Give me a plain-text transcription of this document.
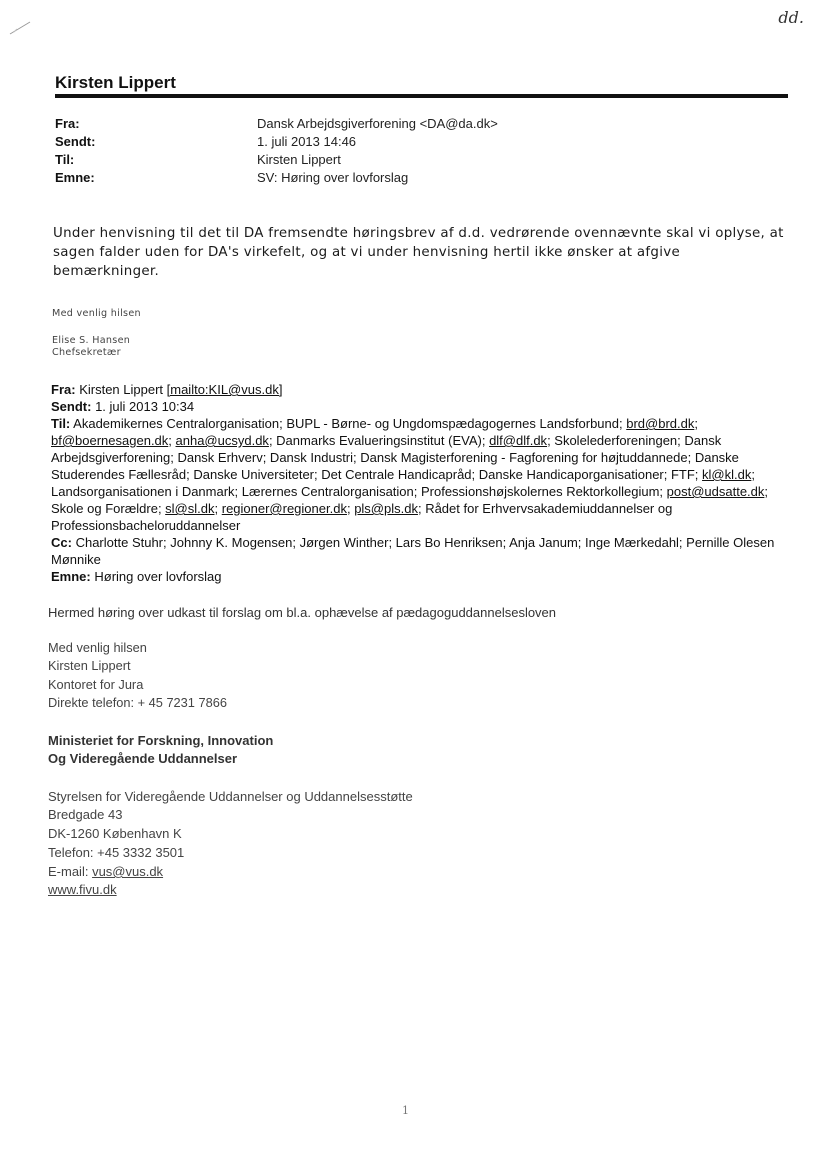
dd.
Kirsten Lippert
Fra:	Dansk Arbejdsgiverforening <DA@da.dk>
Sendt:	1. juli 2013 14:46
Til:	Kirsten Lippert
Emne:	SV: Høring over lovforslag
Under henvisning til det til DA fremsendte høringsbrev af d.d. vedrørende ovennævnte skal vi oplyse, at sagen falder uden for DA's virkefelt, og at vi under henvisning hertil ikke ønsker at afgive bemærkninger.
Med venlig hilsen
Elise S. Hansen
Chefsekretær
Fra: Kirsten Lippert [mailto:KIL@vus.dk]
Sendt: 1. juli 2013 10:34
Til: Akademikernes Centralorganisation; BUPL - Børne- og Ungdomspædagogernes Landsforbund; brd@brd.dk; bf@boernesagen.dk; anha@ucsyd.dk; Danmarks Evalueringsinstitut (EVA); dlf@dlf.dk; Skolelederforeningen; Dansk Arbejdsgiverforening; Dansk Erhverv; Dansk Industri; Dansk Magisterforening - Fagforening for højtuddannede; Danske Studerendes Fællesråd; Danske Universiteter; Det Centrale Handicapråd; Danske Handicaporganisationer; FTF; kl@kl.dk; Landsorganisationen i Danmark; Lærernes Centralorganisation; Professionshøjskolernes Rektorkollegium; post@udsatte.dk; Skole og Forældre; sl@sl.dk; regioner@regioner.dk; pls@pls.dk; Rådet for Erhvervsakademiuddannelser og Professionsbacheloruddannelser
Cc: Charlotte Stuhr; Johnny K. Mogensen; Jørgen Winther; Lars Bo Henriksen; Anja Janum; Inge Mærkedahl; Pernille Olesen Mønnike
Emne: Høring over lovforslag
Hermed høring over udkast til forslag om bl.a. ophævelse af pædagoguddannelsesloven
Med venlig hilsen
Kirsten Lippert
Kontoret for Jura
Direkte telefon: + 45 7231 7866
Ministeriet for Forskning, Innovation
Og Videregående Uddannelser
Styrelsen for Videregående Uddannelser og Uddannelsesstøtte
Bredgade 43
DK-1260 København K
Telefon: +45 3332 3501
E-mail: vus@vus.dk
www.fivu.dk
1
